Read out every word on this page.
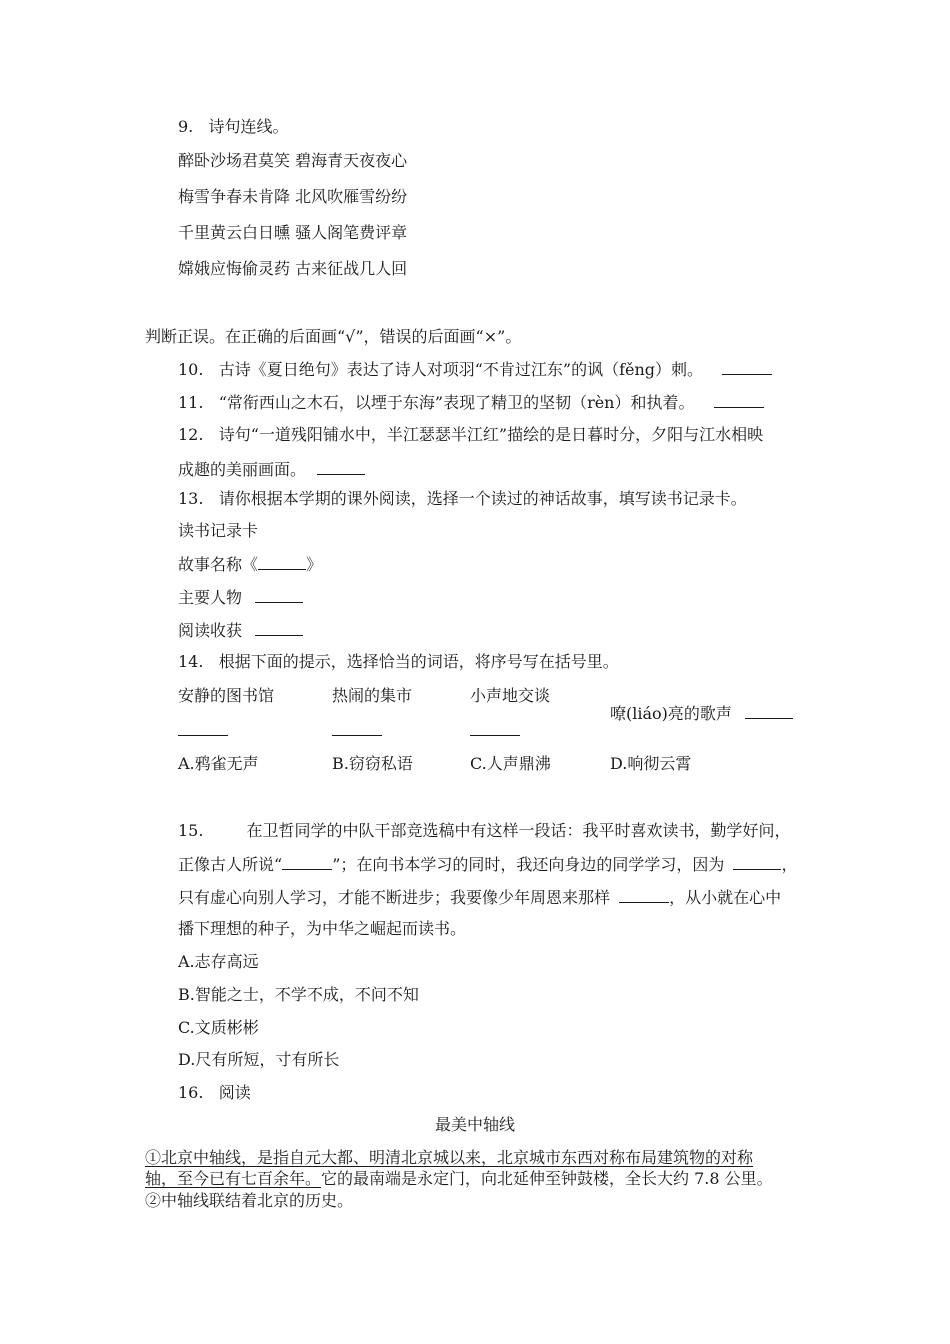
9.   诗句连线。
醉卧沙场君莫笑 碧海青天夜夜心
梅雪争春未肯降 北风吹雁雪纷纷
千里黄云白日曛 骚人阁笔费评章
嫦娥应悔偷灵药 古来征战几人回
判断正误。在正确的后面画“√”，错误的后面画“×”。
10.   古诗《夏日绝句》表达了诗人对项羽“不肯过江东”的讽（fěng）刺。
11.   “常衔西山之木石，以堙于东海”表现了精卫的坚韧（rèn）和执着。
12.   诗句“一道残阳铺水中，半江瑟瑟半江红”描绘的是日暮时分，夕阳与江水相映
成趣的美丽画面。
13.   请你根据本学期的课外阅读，选择一个读过的神话故事，填写读书记录卡。
读书记录卡
故事名称《	》
主要人物
阅读收获
14.   根据下面的提示，选择恰当的词语，将序号写在括号里。
安静的图书馆	热闹的集市	小声地交谈
嘹(liáo)亮的歌声
A.鸦雀无声	B.窃窃私语	C.人声鼎沸	D.响彻云霄
15.	在卫哲同学的中队干部竞选稿中有这样一段话：我平时喜欢读书，勤学好问，
正像古人所说“	”；在向书本学习的同时，我还向身边的同学学习，因为	，
只有虚心向别人学习，才能不断进步；我要像少年周恩来那样	，从小就在心中
播下理想的种子，为中华之崛起而读书。
A.志存高远
B.智能之士，不学不成，不问不知
C.文质彬彬
D.尺有所短，寸有所长
16.   阅读
最美中轴线
①北京中轴线，是指自元大都、明清北京城以来，北京城市东西对称布局建筑物的对称
轴，至今已有七百余年。它的最南端是永定门，向北延伸至钟鼓楼，全长大约 7.8 公里。
②中轴线联结着北京的历史。
